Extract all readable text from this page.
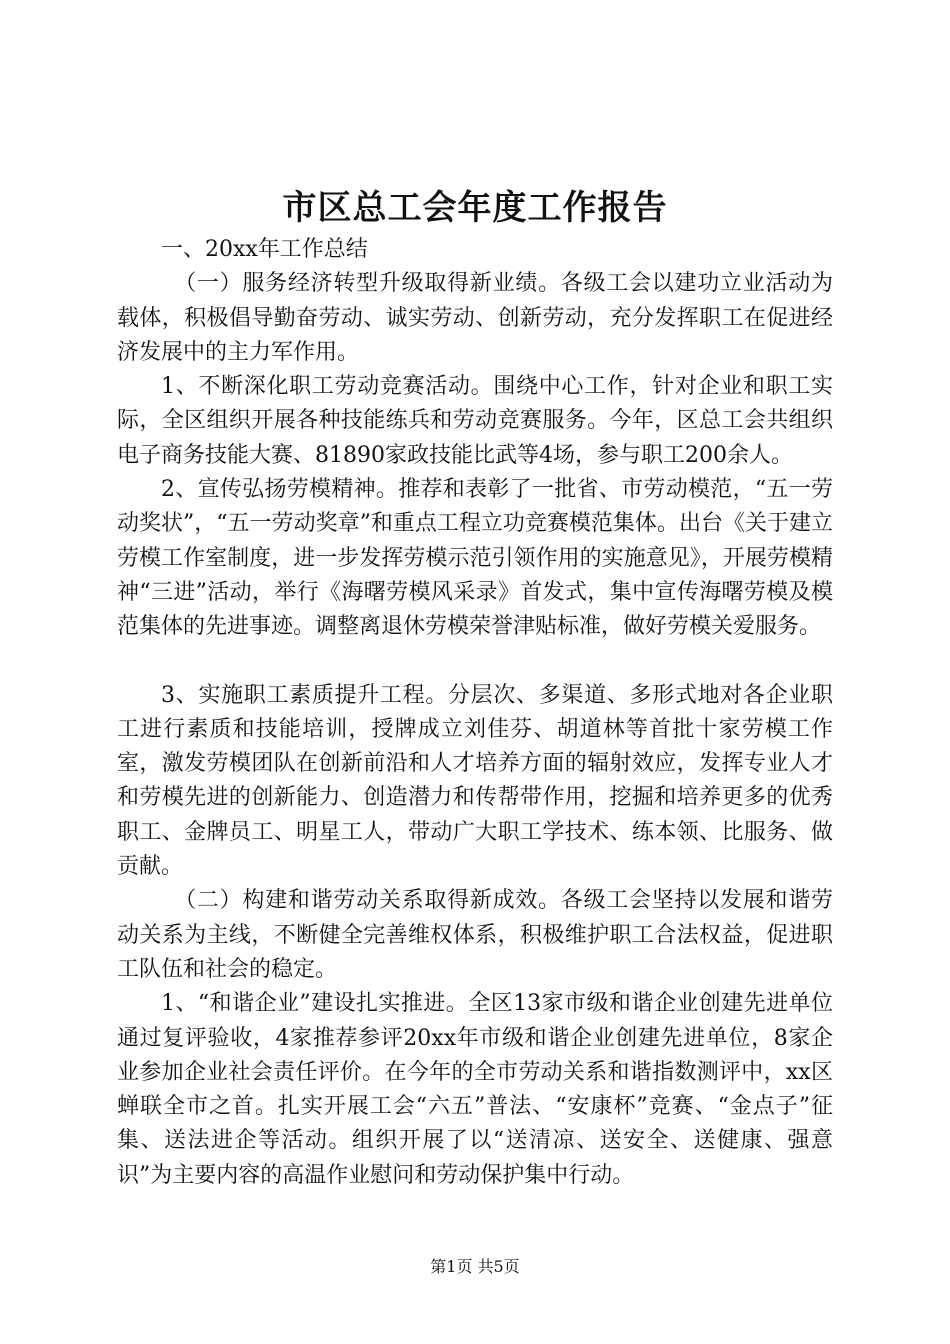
市区总工会年度工作报告

一、20xx年工作总结

（一）服务经济转型升级取得新业绩。各级工会以建功立业活动为载体，积极倡导勤奋劳动、诚实劳动、创新劳动，充分发挥职工在促进经济发展中的主力军作用。

1、不断深化职工劳动竞赛活动。围绕中心工作，针对企业和职工实际，全区组织开展各种技能练兵和劳动竞赛服务。今年，区总工会共组织电子商务技能大赛、81890家政技能比武等4场，参与职工200余人。

2、宣传弘扬劳模精神。推荐和表彰了一批省、市劳动模范，“五一劳动奖状”，“五一劳动奖章”和重点工程立功竞赛模范集体。出台《关于建立劳模工作室制度，进一步发挥劳模示范引领作用的实施意见》，开展劳模精神“三进”活动，举行《海曙劳模风采录》首发式，集中宣传海曙劳模及模范集体的先进事迹。调整离退休劳模荣誉津贴标准，做好劳模关爱服务。

3、实施职工素质提升工程。分层次、多渠道、多形式地对各企业职工进行素质和技能培训，授牌成立刘佳芬、胡道林等首批十家劳模工作室，激发劳模团队在创新前沿和人才培养方面的辐射效应，发挥专业人才和劳模先进的创新能力、创造潜力和传帮带作用，挖掘和培养更多的优秀职工、金牌员工、明星工人，带动广大职工学技术、练本领、比服务、做贡献。

（二）构建和谐劳动关系取得新成效。各级工会坚持以发展和谐劳动关系为主线，不断健全完善维权体系，积极维护职工合法权益，促进职工队伍和社会的稳定。

1、“和谐企业”建设扎实推进。全区13家市级和谐企业创建先进单位通过复评验收，4家推荐参评20xx年市级和谐企业创建先进单位，8家企业参加企业社会责任评价。在今年的全市劳动关系和谐指数测评中，xx区蝉联全市之首。扎实开展工会“六五”普法、“安康杯”竞赛、“金点子”征集、送法进企等活动。组织开展了以“送清凉、送安全、送健康、强意识”为主要内容的高温作业慰问和劳动保护集中行动。

第1页 共5页
